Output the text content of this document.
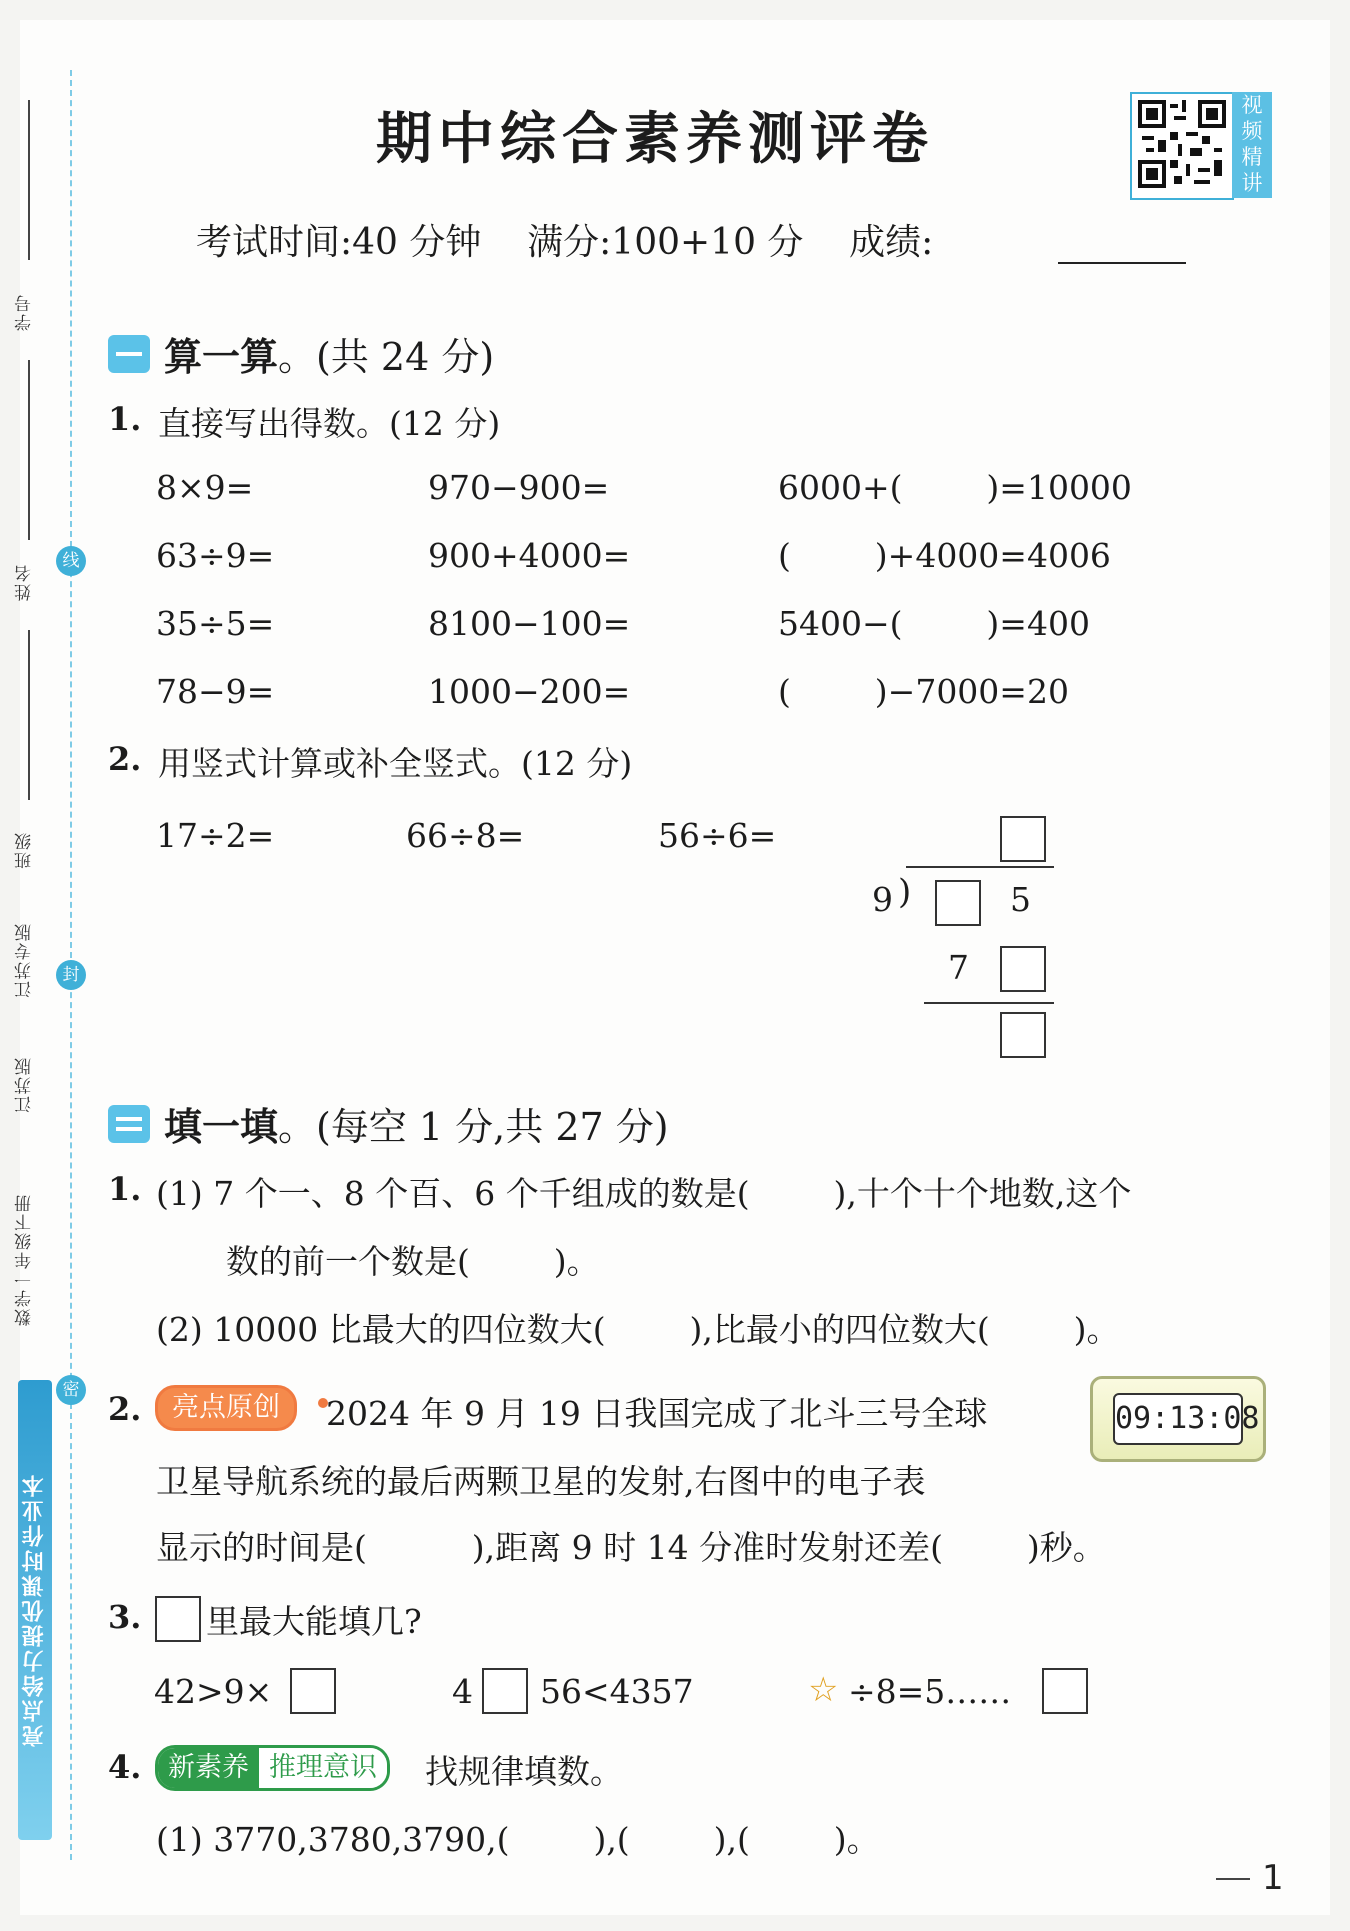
学号
姓名
班级
江苏专版
江苏版
数学一年级下册
线
封
密
亮点给力提优课时作业本
期中综合素养测评卷
视
频
精
讲
考试时间:40 分钟    满分:100+10 分    成绩:
算一算 。(共 24 分)
1. 直接写出得数。(12 分)
8×9=	970−900=	6000+(        )=10000
63÷9=	900+4000=	(        )+4000=4006
35÷5=	8100−100=	5400−(        )=400
78−9=	1000−200=	(        )−7000=20
2. 用竖式计算或补全竖式。(12 分)
17÷2=	66÷8=	56÷6=
9 )	5
7
填一填 。(每空 1 分,共 27 分)
1. (1) 7 个一、8 个百、6 个千组成的数是(        ),十个十个地数,这个
数的前一个数是(        )。
(2) 10000 比最大的四位数大(        ),比最小的四位数大(        )。
2.	亮点原创	2024 年 9 月 19 日我国完成了北斗三号全球
卫星导航系统的最后两颗卫星的发射,右图中的电子表
显示的时间是(          ),距离 9 时 14 分准时发射还差(        )秒。
09:13:08
3. 里最大能填几?
42>9×	4 56<4357	☆ ÷8=5……
4. 新素养 推理意识	找规律填数。
(1) 3770,3780,3790,(        ),(        ),(        )。
1
